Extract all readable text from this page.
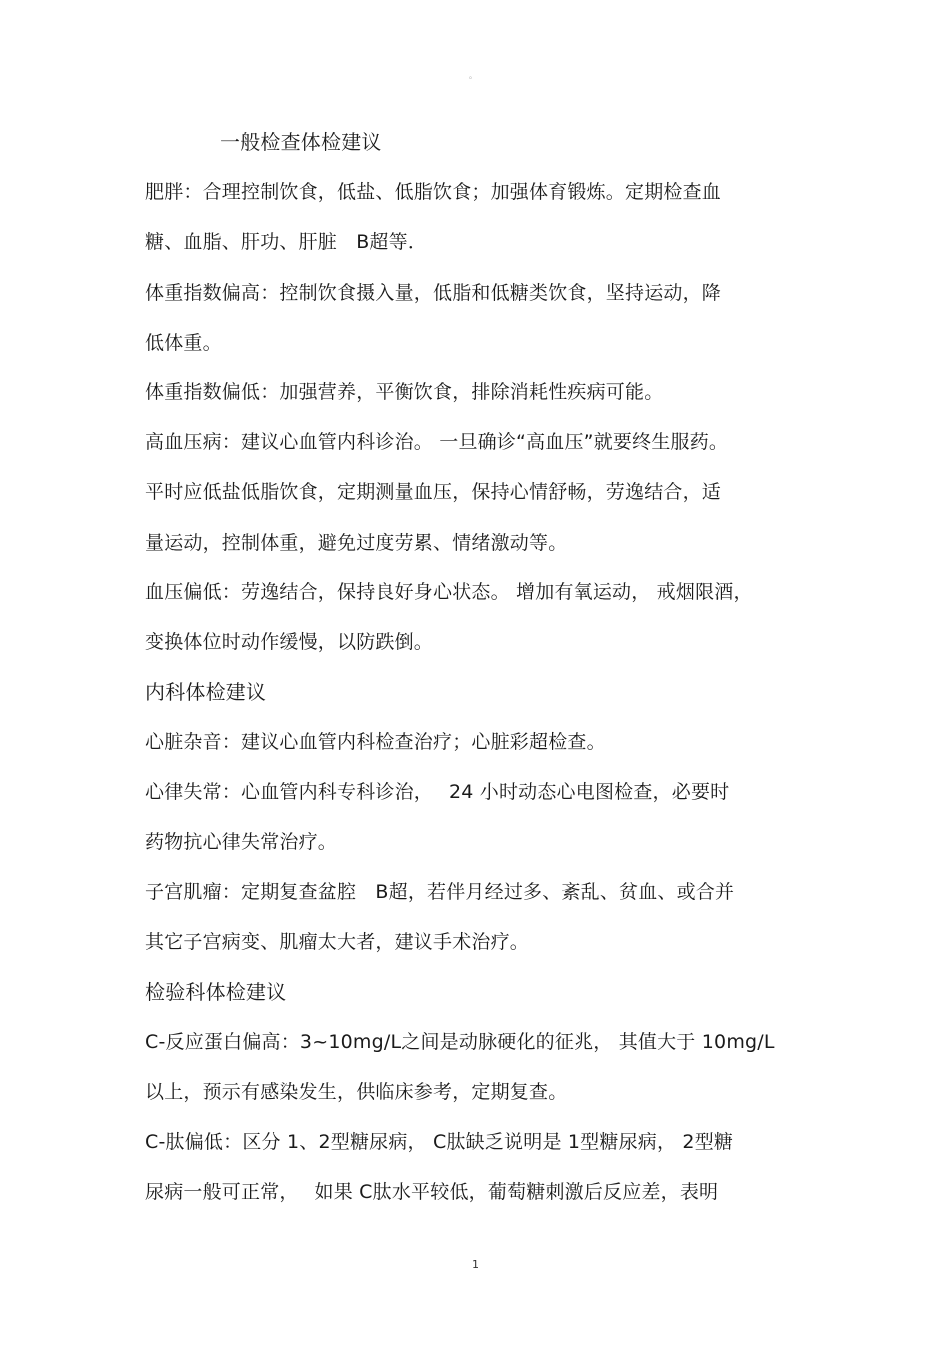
。
一般检查体检建议
肥胖：合理控制饮食，低盐、低脂饮食；加强体育锻炼。定期检查血
糖、血脂、肝功、肝脏　B超等．
体重指数偏高：控制饮食摄入量，低脂和低糖类饮食，坚持运动，降
低体重。
体重指数偏低：加强营养，平衡饮食，排除消耗性疾病可能。
高血压病：建议心血管内科诊治。 一旦确诊“高血压”就要终生服药。
平时应低盐低脂饮食，定期测量血压，保持心情舒畅，劳逸结合，适
量运动，控制体重，避免过度劳累、情绪激动等。
血压偏低：劳逸结合，保持良好身心状态。 增加有氧运动， 戒烟限酒，
变换体位时动作缓慢，以防跌倒。
内科体检建议
心脏杂音：建议心血管内科检查治疗；心脏彩超检查。
心律失常：心血管内科专科诊治，　 24 小时动态心电图检查，必要时
药物抗心律失常治疗。
子宫肌瘤：定期复查盆腔　B超，若伴月经过多、紊乱、贫血、或合并
其它子宫病变、肌瘤太大者，建议手术治疗。
检验科体检建议
C-反应蛋白偏高：3~10mg/L之间是动脉硬化的征兆， 其值大于 10mg/L
以上，预示有感染发生，供临床参考，定期复查。
C-肽偏低：区分 1、2型糖尿病， C肽缺乏说明是 1型糖尿病， 2型糖
尿病一般可正常，　 如果 C肽水平较低，葡萄糖刺激后反应差，表明
1
